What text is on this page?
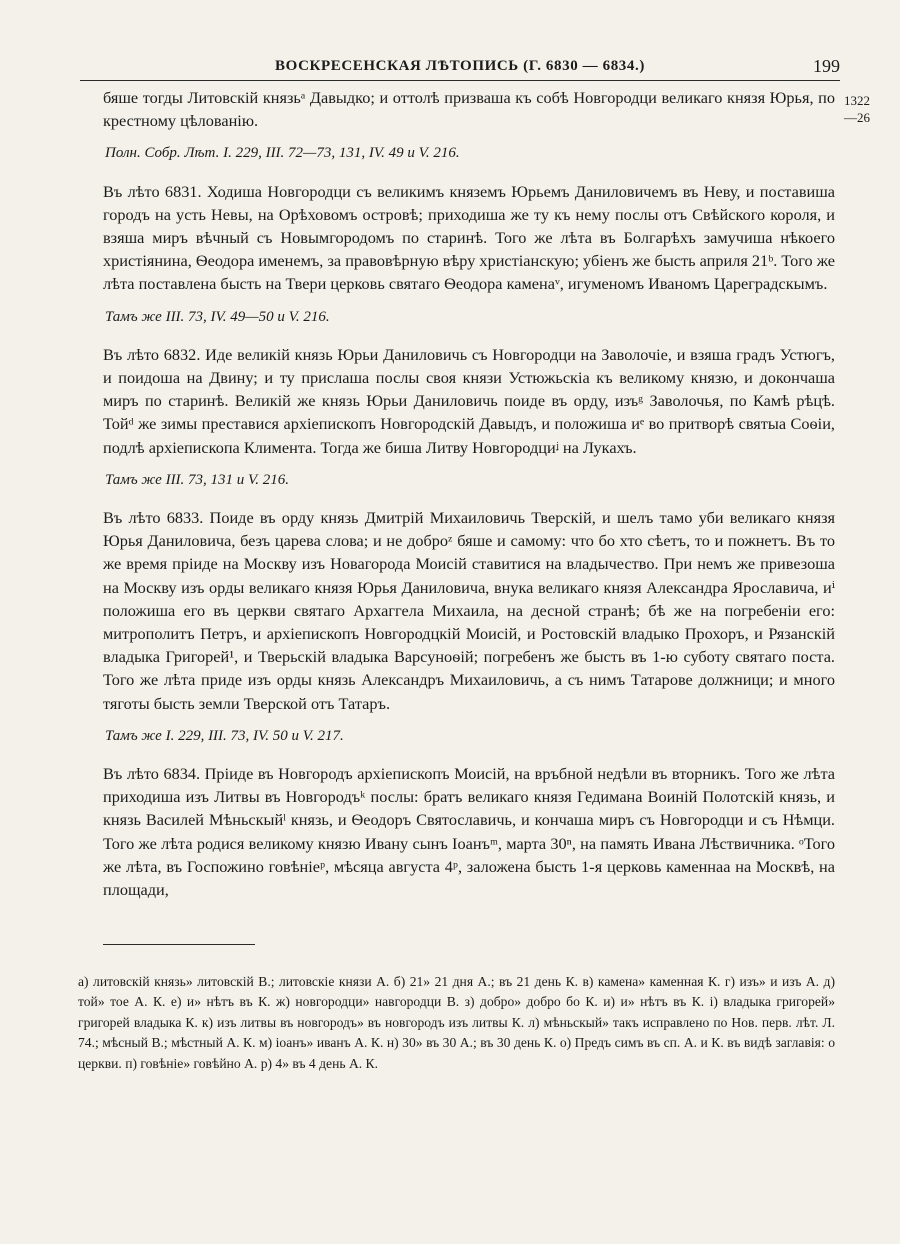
ВОСКРЕСЕНСКАЯ ЛѢТОПИСЬ (Г. 6830 — 6834.)	199
1322
—26

бяше тогды Литовскiй князьᵃ Давыдко; и оттолѣ призваша къ собѣ Новгородци великаго князя Юрья, по крестному цѣлованiю.

Полн. Собр. Лѣт. I. 229, III. 72—73, 131, IV. 49 и V. 216.

Въ лѣто 6831. Ходиша Новгородци съ великимъ княземъ Юрьемъ Даниловичемъ въ Неву, и поставиша городъ на усть Невы, на Орѣховомъ островѣ; приходиша же ту къ нему послы отъ Свѣйского короля, и взяша миръ вѣчный съ Новымгородомъ по старинѣ. Того же лѣта въ Болгарѣхъ замучиша нѣкоего христiянина, Ѳеодора именемъ, за правовѣрную вѣру христiанскую; убiенъ же бысть априля 21ᵇ. Того же лѣта поставлена бысть на Твери церковь святаго Ѳеодора каменаᵛ, игуменомъ Иваномъ Цареградскымъ.

Тамъ же III. 73, IV. 49—50 и V. 216.

Въ лѣто 6832. Иде великiй князь Юрьи Даниловичь съ Новгородци на Заволочiе, и взяша градъ Устюгъ, и поидоша на Двину; и ту прислаша послы своя князи Устюжьскiа къ великому князю, и докончаша миръ по старинѣ. Великiй же князь Юрьи Даниловичь поиде въ орду, изъᵍ Заволочья, по Камѣ рѣцѣ. Тойᵈ же зимы преставися архiепископъ Новгородскiй Давыдъ, и положиша иᵉ во притворѣ святыа Соѳiи, подлѣ архiепископа Климента. Тогда же биша Литву Новгородциᶨ на Лукахъ.

Тамъ же III. 73, 131 и V. 216.

Въ лѣто 6833. Поиде въ орду князь Дмитрiй Михаиловичь Тверскiй, и шелъ тамо уби великаго князя Юрья Даниловича, безъ царева слова; и не доброᶻ бяше и самому: что бо хто сѣетъ, то и пожнетъ. Въ то же время прiиде на Москву изъ Новагорода Моисiй ставитися на владычество. При немъ же привезоша на Москву изъ орды великаго князя Юрья Даниловича, внука великаго князя Александра Ярославича, иⁱ положиша его въ церкви святаго Архаггела Михаила, на десной странѣ; бѣ же на погребенiи его: митрополитъ Петръ, и архiепископъ Новгородцкiй Моисiй, и Ростовскiй владыко Прохоръ, и Рязанскiй владыка Григорей¹, и Тверьскiй владыка Варсуноѳiй; погребенъ же бысть въ 1-ю суботу святаго поста. Того же лѣта приде изъ орды князь Александръ Михаиловичь, а съ нимъ Татарове должници; и много тяготы бысть земли Тверской отъ Татаръ.

Тамъ же I. 229, III. 73, IV. 50 и V. 217.

Въ лѣто 6834. Прiиде въ Новгородъ архiепископъ Моисiй, на връбной недѣли въ вторникъ. Того же лѣта приходиша изъ Литвы въ Новгородъᵏ послы: братъ великаго князя Гедимана Воинiй Полотскiй князь, и князь Василей Мѣньскыйˡ князь, и Ѳеодоръ Святославичь, и кончаша миръ съ Новгородци и съ Нѣмци. Того же лѣта родися великому князю Ивану сынъ Iоанъᵐ, марта 30ⁿ, на память Ивана Лѣствичника. ᵒТого же лѣта, въ Госпожино говѣнiеᵖ, мѣсяца августа 4ᵖ, заложена бысть 1-я церковь каменнаа на Москвѣ, на площади,

а) литовскiй князь» литовскiй В.; литовскiе князи А. б) 21» 21 дня А.; въ 21 день К. в) камена» каменная К. г) изъ» и изъ А. д) той» тое А. К. е) и» нѣтъ въ К. ж) новгородци» навгородци В. з) добро» добро бо К. и) и» нѣтъ въ К. i) владыка григорей» григорей владыка К. к) изъ литвы въ новгородъ» въ новгородъ изъ литвы К. л) мѣньскый» такъ исправлено по Нов. перв. лѣт. Л. 74.; мѣсный В.; мѣстный А. К. м) iоанъ» иванъ А. К. н) 30» въ 30 А.; въ 30 день К. о) Предъ симъ въ сп. А. и К. въ видѣ заглавiя: о церкви. п) говѣнiе» говѣйно А. р) 4» въ 4 день А. К.
